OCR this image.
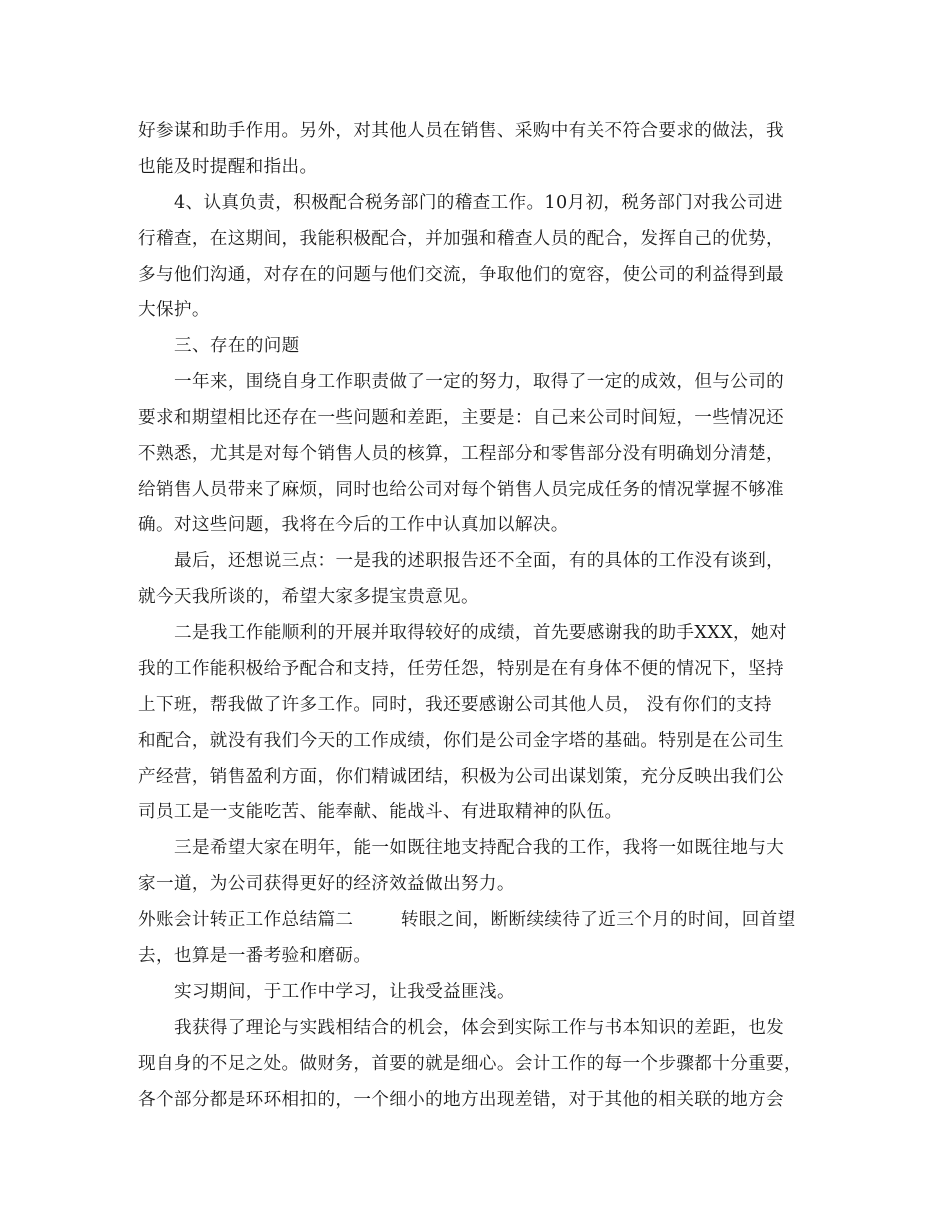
好参谋和助手作用。另外，对其他人员在销售、采购中有关不符合要求的做法，我
也能及时提醒和指出。
4、认真负责，积极配合税务部门的稽查工作。10月初，税务部门对我公司进
行稽查，在这期间，我能积极配合，并加强和稽查人员的配合，发挥自己的优势，
多与他们沟通，对存在的问题与他们交流，争取他们的宽容，使公司的利益得到最
大保护。
三、存在的问题
一年来，围绕自身工作职责做了一定的努力，取得了一定的成效，但与公司的
要求和期望相比还存在一些问题和差距，主要是：自己来公司时间短，一些情况还
不熟悉，尤其是对每个销售人员的核算，工程部分和零售部分没有明确划分清楚，
给销售人员带来了麻烦，同时也给公司对每个销售人员完成任务的情况掌握不够准
确。对这些问题，我将在今后的工作中认真加以解决。
最后，还想说三点：一是我的述职报告还不全面，有的具体的工作没有谈到，
就今天我所谈的，希望大家多提宝贵意见。
二是我工作能顺利的开展并取得较好的成绩，首先要感谢我的助手XXX，她对
我的工作能积极给予配合和支持，任劳任怨，特别是在有身体不便的情况下，坚持
上下班，帮我做了许多工作。同时，我还要感谢公司其他人员， 没有你们的支持
和配合，就没有我们今天的工作成绩，你们是公司金字塔的基础。特别是在公司生
产经营，销售盈利方面，你们精诚团结，积极为公司出谋划策，充分反映出我们公
司员工是一支能吃苦、能奉献、能战斗、有进取精神的队伍。
三是希望大家在明年，能一如既往地支持配合我的工作，我将一如既往地与大
家一道，为公司获得更好的经济效益做出努力。
外账会计转正工作总结篇二        转眼之间，断断续续待了近三个月的时间，回首望
去，也算是一番考验和磨砺。
实习期间，于工作中学习，让我受益匪浅。
我获得了理论与实践相结合的机会，体会到实际工作与书本知识的差距，也发
现自身的不足之处。做财务，首要的就是细心。会计工作的每一个步骤都十分重要，
各个部分都是环环相扣的，一个细小的地方出现差错，对于其他的相关联的地方会
